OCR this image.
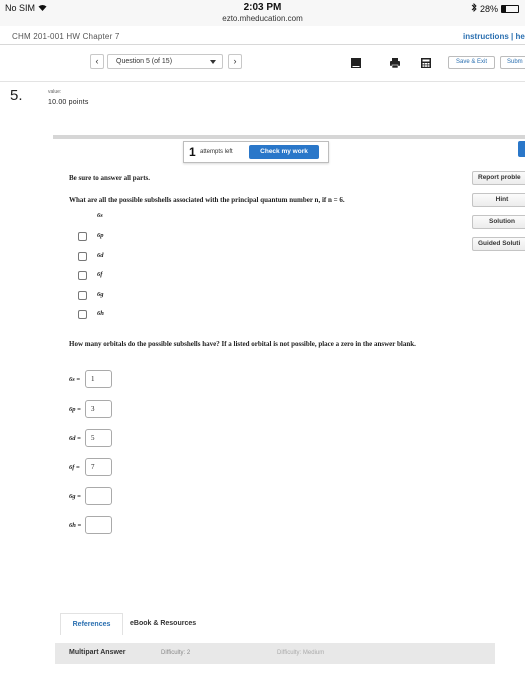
No SIM	2:03 PM
ezto.mheducation.com
28%
CHM 201-001 HW Chapter 7	instructions | he
‹	Question 5 (of 15)	›	Save & Exit	Subm
5.	value:
10.00 points
1 attempts left	Check my work
Report proble
Hint
Solution
Guided Soluti
Be sure to answer all parts.
What are all the possible subshells associated with the principal quantum number n, if n = 6.
6s
6p
6d
6f
6g
6h
How many orbitals do the possible subshells have? If a listed orbital is not possible, place a zero in the answer blank.
6s =	1
6p =	3
6d =	5
6f =	7
6g =
6h =
References	eBook & Resources
Multipart Answer	Difficulty: 2	Difficulty: Medium
